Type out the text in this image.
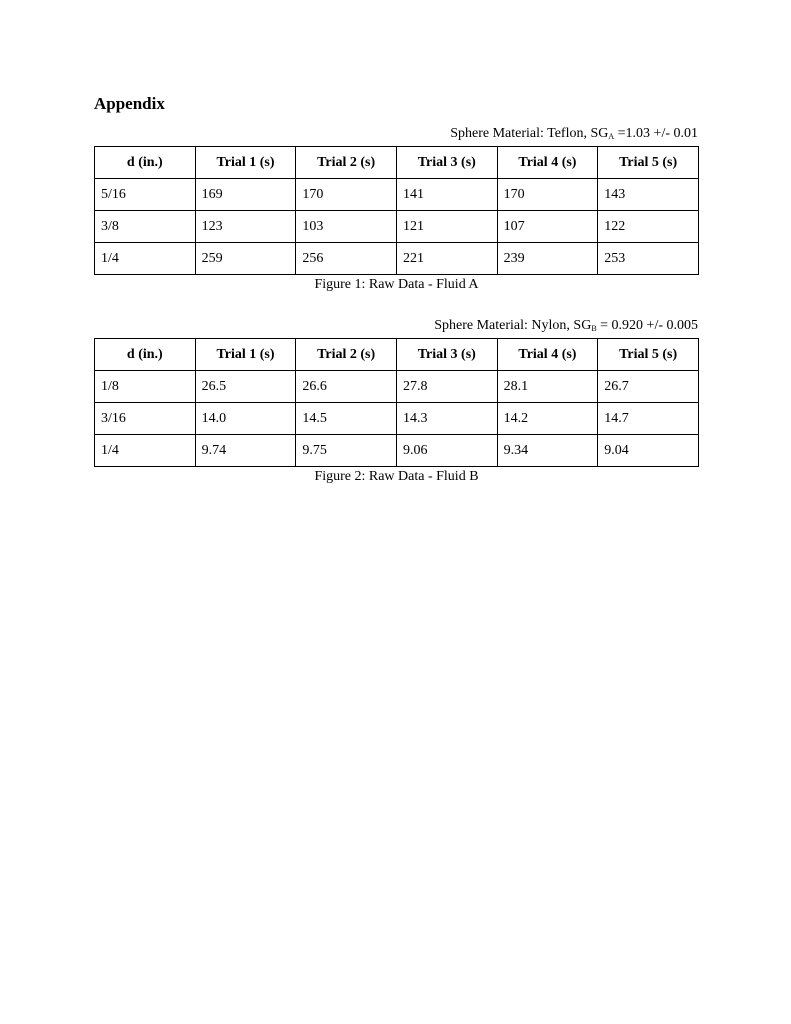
Appendix
Sphere Material: Teflon, $SG_A =1.03$ +/- 0.01
d (in.)	Trial 1 (s)	Trial 2 (s)	Trial 3 (s)	Trial 4 (s)	Trial 5 (s)
5/16	169	170	141	170	143
3/8	123	103	121	107	122
1/4	259	256	221	239	253
Figure 1: Raw Data - Fluid A
Sphere Material: Nylon, $SG_B = 0.920$ +/- 0.005
d (in.)	Trial 1 (s)	Trial 2 (s)	Trial 3 (s)	Trial 4 (s)	Trial 5 (s)
1/8	26.5	26.6	27.8	28.1	26.7
3/16	14.0	14.5	14.3	14.2	14.7
1/4	9.74	9.75	9.06	9.34	9.04
Figure 2: Raw Data - Fluid B
